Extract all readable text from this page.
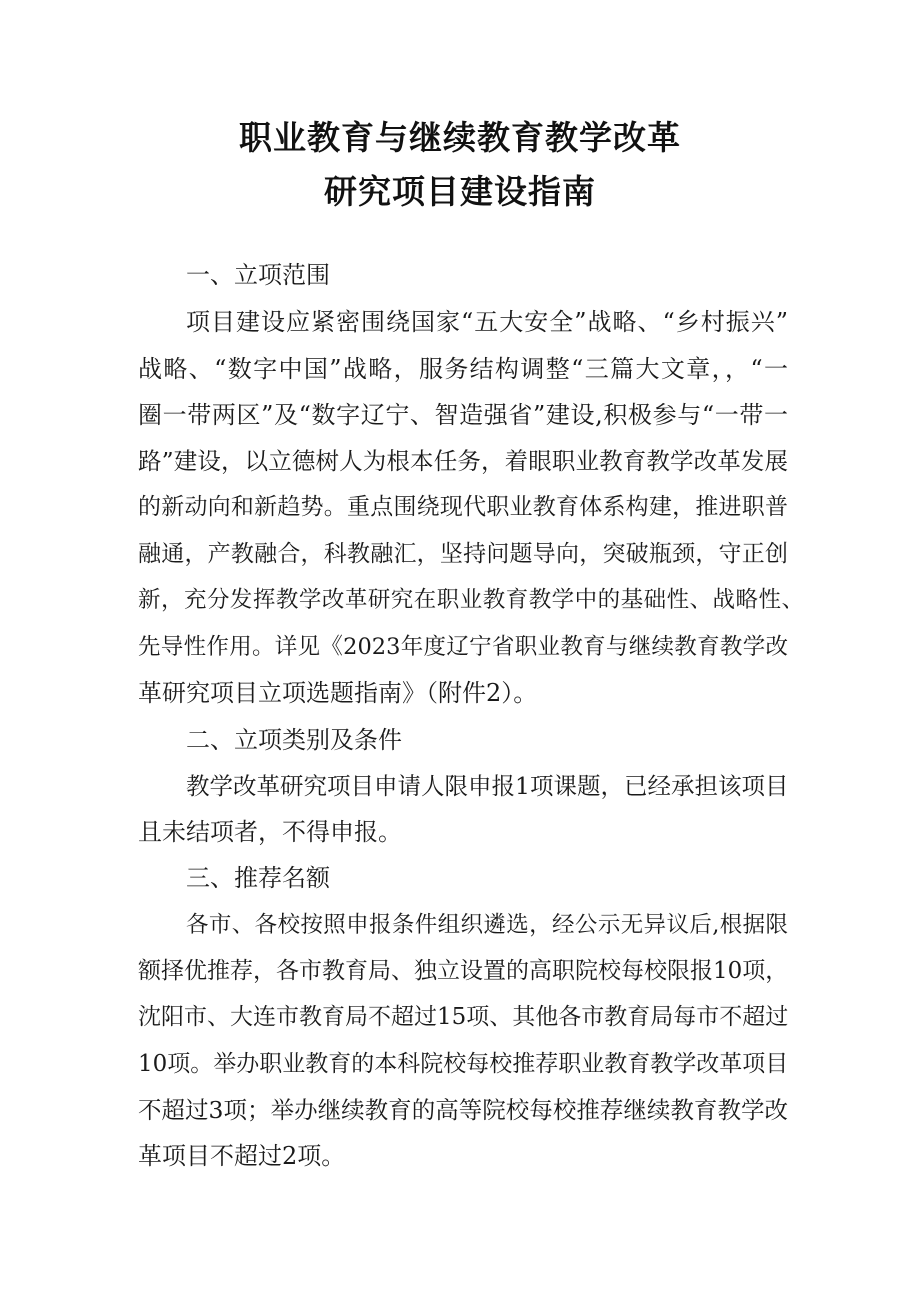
职业教育与继续教育教学改革
研究项目建设指南
一、立项范围
项目建设应紧密围绕国家“五大安全”战略、“乡村振兴”
战略、“数字中国”战略，服务结构调整“三篇大文章，，“一
圈一带两区”及“数字辽宁、智造强省”建设,积极参与“一带一
路”建设，以立德树人为根本任务，着眼职业教育教学改革发展
的新动向和新趋势。重点围绕现代职业教育体系构建，推进职普
融通，产教融合，科教融汇，坚持问题导向，突破瓶颈，守正创
新，充分发挥教学改革研究在职业教育教学中的基础性、战略性、
先导性作用。详见《2023年度辽宁省职业教育与继续教育教学改
革研究项目立项选题指南》（附件2）。
二、立项类别及条件
教学改革研究项目申请人限申报1项课题，已经承担该项目
且未结项者，不得申报。
三、推荐名额
各市、各校按照申报条件组织遴选，经公示无异议后,根据限
额择优推荐，各市教育局、独立设置的高职院校每校限报10项，
沈阳市、大连市教育局不超过15项、其他各市教育局每市不超过
10项。举办职业教育的本科院校每校推荐职业教育教学改革项目
不超过3项；举办继续教育的高等院校每校推荐继续教育教学改
革项目不超过2项。
